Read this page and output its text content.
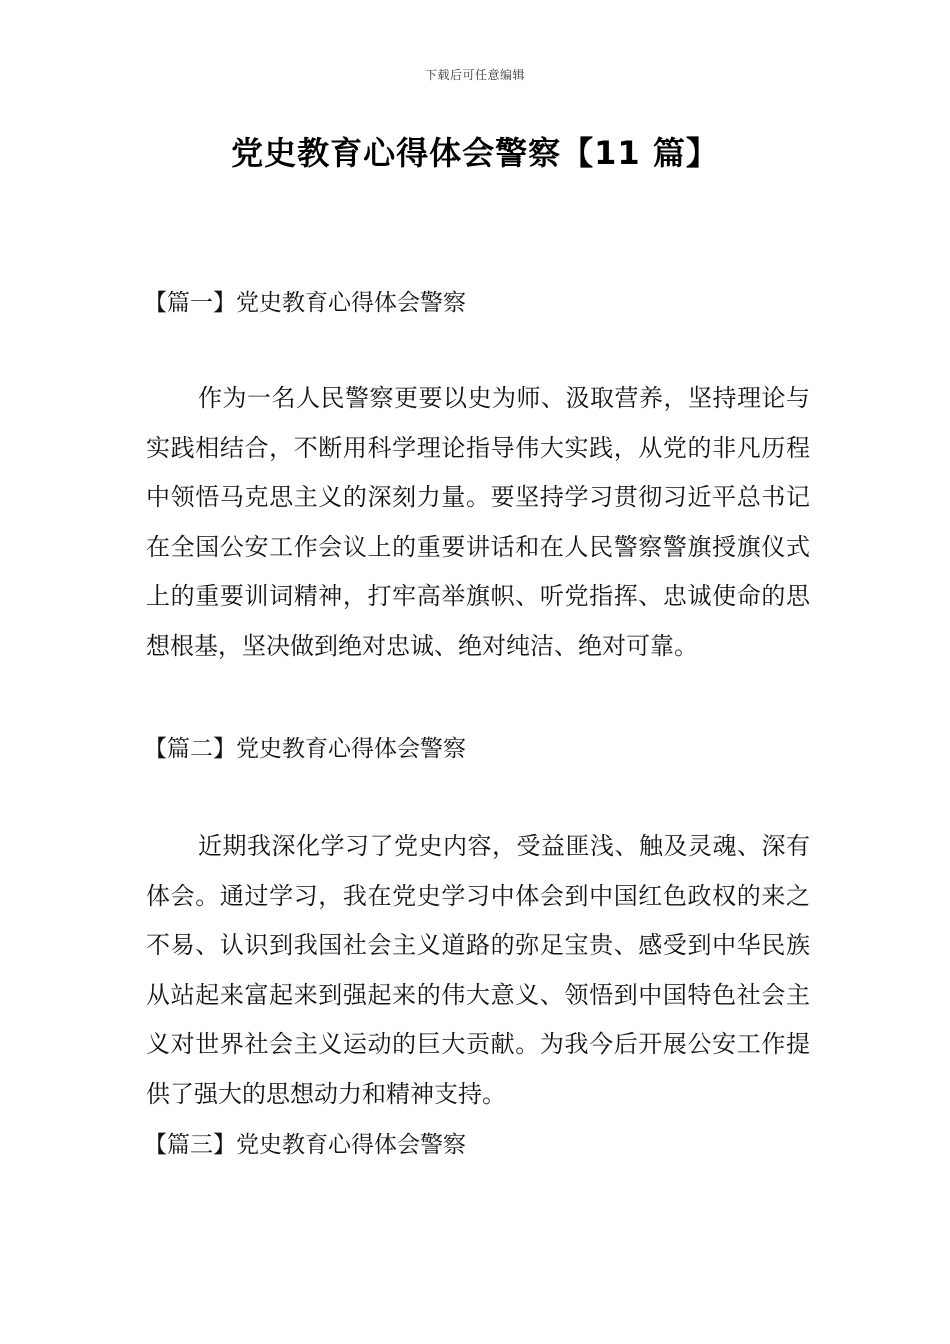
下载后可任意编辑
党史教育心得体会警察【11 篇】
【篇一】党史教育心得体会警察
作为一名人民警察更要以史为师、汲取营养，坚持理论与实践相结合，不断用科学理论指导伟大实践，从党的非凡历程中领悟马克思主义的深刻力量。要坚持学习贯彻习近平总书记在全国公安工作会议上的重要讲话和在人民警察警旗授旗仪式上的重要训词精神，打牢高举旗帜、听党指挥、忠诚使命的思想根基，坚决做到绝对忠诚、绝对纯洁、绝对可靠。
【篇二】党史教育心得体会警察
近期我深化学习了党史内容，受益匪浅、触及灵魂、深有体会。通过学习，我在党史学习中体会到中国红色政权的来之不易、认识到我国社会主义道路的弥足宝贵、感受到中华民族从站起来富起来到强起来的伟大意义、领悟到中国特色社会主义对世界社会主义运动的巨大贡献。为我今后开展公安工作提供了强大的思想动力和精神支持。
【篇三】党史教育心得体会警察
